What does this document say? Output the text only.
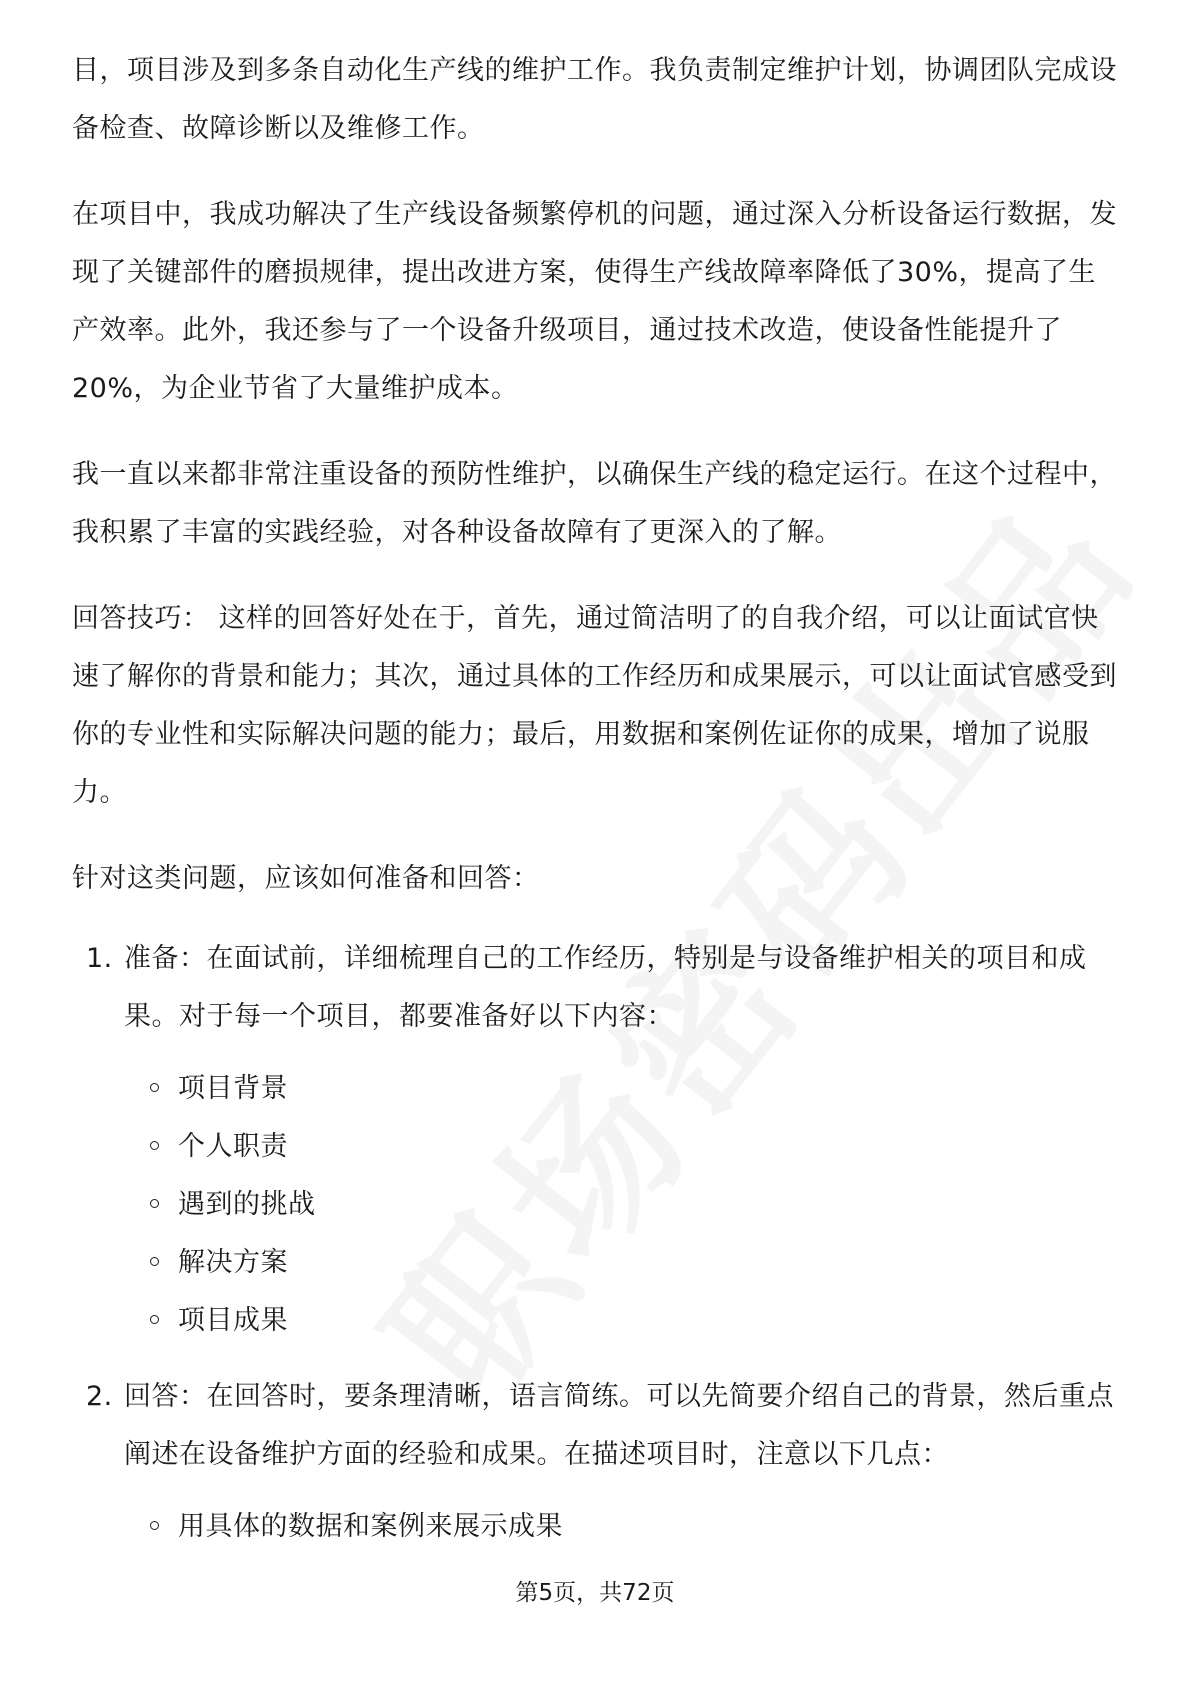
目，项目涉及到多条自动化生产线的维护工作。我负责制定维护计划，协调团队完成设备检查、故障诊断以及维修工作。

在项目中，我成功解决了生产线设备频繁停机的问题，通过深入分析设备运行数据，发现了关键部件的磨损规律，提出改进方案，使得生产线故障率降低了30%，提高了生产效率。此外，我还参与了一个设备升级项目，通过技术改造，使设备性能提升了20%，为企业节省了大量维护成本。

我一直以来都非常注重设备的预防性维护，以确保生产线的稳定运行。在这个过程中，我积累了丰富的实践经验，对各种设备故障有了更深入的了解。

回答技巧： 这样的回答好处在于，首先，通过简洁明了的自我介绍，可以让面试官快速了解你的背景和能力；其次，通过具体的工作经历和成果展示，可以让面试官感受到你的专业性和实际解决问题的能力；最后，用数据和案例佐证你的成果，增加了说服力。

针对这类问题，应该如何准备和回答：

1. 准备：在面试前，详细梳理自己的工作经历，特别是与设备维护相关的项目和成果。对于每一个项目，都要准备好以下内容：

项目背景
个人职责
遇到的挑战
解决方案
项目成果

2. 回答：在回答时，要条理清晰，语言简练。可以先简要介绍自己的背景，然后重点阐述在设备维护方面的经验和成果。在描述项目时，注意以下几点：

用具体的数据和案例来展示成果
第5页，共72页
